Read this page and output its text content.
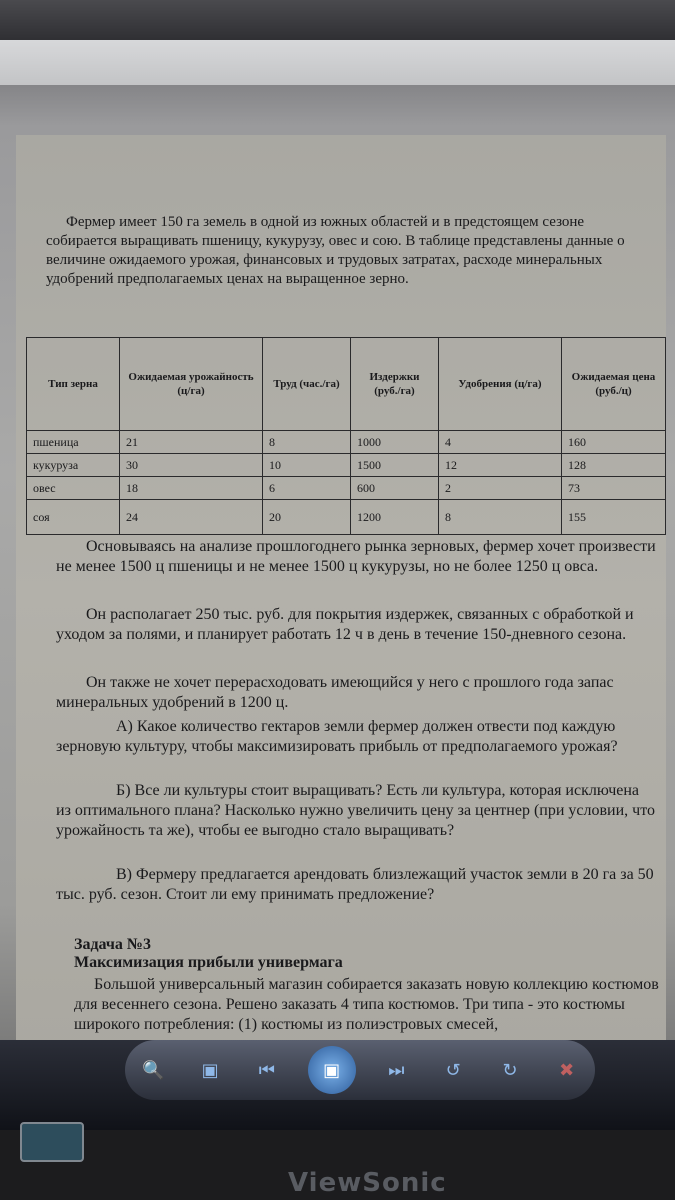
Фермер имеет 150 га земель в одной из южных областей и в предстоящем сезоне собирается выращивать пшеницу, кукурузу, овес и сою. В таблице представлены данные о величине ожидаемого урожая, финансовых и трудовых затратах, расходе минеральных удобрений предполагаемых ценах на выращенное зерно.

Тип зерна	Ожидаемая урожайность (ц/га)	Труд (час./га)	Издержки (руб./га)	Удобрения (ц/га)	Ожидаемая цена (руб./ц)
пшеница	21	8	1000	4	160
кукуруза	30	10	1500	12	128
овес	18	6	600	2	73
соя	24	20	1200	8	155

Основываясь на анализе прошлогоднего рынка зерновых, фермер хочет произвести не менее 1500 ц пшеницы и не менее 1500 ц кукурузы, но не более 1250 ц овса.

Он располагает 250 тыс. руб. для покрытия издержек, связанных с обработкой и уходом за полями, и планирует работать 12 ч в день в течение 150-дневного сезона.

Он также не хочет перерасходовать имеющийся у него с прошлого года запас минеральных удобрений в 1200 ц.

А) Какое количество гектаров земли фермер должен отвести под каждую зерновую культуру, чтобы максимизировать прибыль от предполагаемого урожая?

Б) Все ли культуры стоит выращивать? Есть ли культура, которая исключена из оптимального плана? Насколько нужно увеличить цену за центнер (при условии, что урожайность та же), чтобы ее выгодно стало выращивать?

В) Фермеру предлагается арендовать близлежащий участок земли в 20 га за 50 тыс. руб. сезон. Стоит ли ему принимать предложение?

Задача №3

Максимизация прибыли универмага

Большой универсальный магазин собирается заказать новую коллекцию костюмов для весеннего сезона. Решено заказать 4 типа костюмов. Три типа - это костюмы широкого потребления: (1) костюмы из полиэстровых смесей,

🔍	▣	⏮	▣	⏭	↺	↻	✖
ViewSonic
